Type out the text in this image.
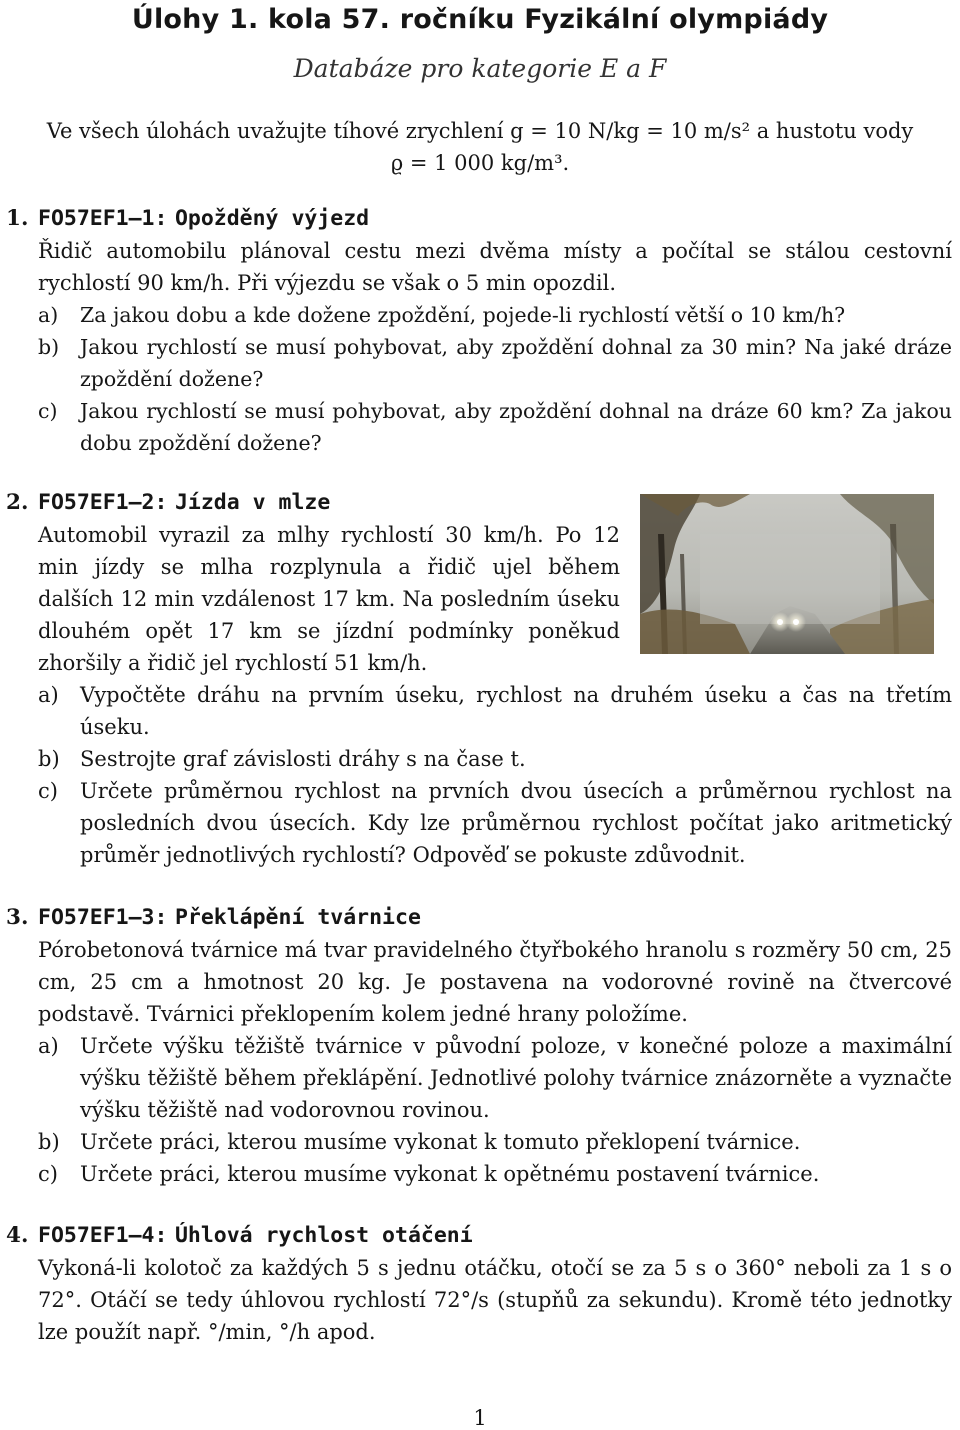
Úlohy 1. kola 57. ročníku Fyzikální olympiády
Databáze pro kategorie E a F
Ve všech úlohách uvažujte tíhové zrychlení g = 10 N/kg = 10 m/s² a hustotu vody ϱ = 1 000 kg/m³.
1. FO57EF1–1: Opožděný výjezd

Řidič automobilu plánoval cestu mezi dvěma místy a počítal se stálou cestovní rychlostí 90 km/h. Při výjezdu se však o 5 min opozdil.

a) Za jakou dobu a kde dožene zpoždění, pojede-li rychlostí větší o 10 km/h?
b) Jakou rychlostí se musí pohybovat, aby zpoždění dohnal za 30 min? Na jaké dráze zpoždění dožene?
c) Jakou rychlostí se musí pohybovat, aby zpoždění dohnal na dráze 60 km? Za jakou dobu zpoždění dožene?
2. FO57EF1–2: Jízda v mlze

Automobil vyrazil za mlhy rychlostí 30 km/h. Po 12 min jízdy se mlha rozplynula a řidič ujel během dalších 12 min vzdálenost 17 km. Na posledním úseku dlouhém opět 17 km se jízdní podmínky poněkud zhoršily a řidič jel rychlostí 51 km/h.

a) Vypočtěte dráhu na prvním úseku, rychlost na druhém úseku a čas na třetím úseku.
b) Sestrojte graf závislosti dráhy s na čase t.
c) Určete průměrnou rychlost na prvních dvou úsecích a průměrnou rychlost na posledních dvou úsecích. Kdy lze průměrnou rychlost počítat jako aritmetický průměr jednotlivých rychlostí? Odpověď se pokuste zdůvodnit.
3. FO57EF1–3: Překlápění tvárnice

Pórobetonová tvárnice má tvar pravidelného čtyřbokého hranolu s rozměry 50 cm, 25 cm, 25 cm a hmotnost 20 kg. Je postavena na vodorovné rovině na čtvercové podstavě. Tvárnici překlopením kolem jedné hrany položíme.

a) Určete výšku těžiště tvárnice v původní poloze, v konečné poloze a maximální výšku těžiště během překlápění. Jednotlivé polohy tvárnice znázorněte a vyznačte výšku těžiště nad vodorovnou rovinou.
b) Určete práci, kterou musíme vykonat k tomuto překlopení tvárnice.
c) Určete práci, kterou musíme vykonat k opětnému postavení tvárnice.
4. FO57EF1–4: Úhlová rychlost otáčení

Vykoná-li kolotoč za každých 5 s jednu otáčku, otočí se za 5 s o 360° neboli za 1 s o 72°. Otáčí se tedy úhlovou rychlostí 72°/s (stupňů za sekundu). Kromě této jednotky lze použít např. °/min, °/h apod.

1
